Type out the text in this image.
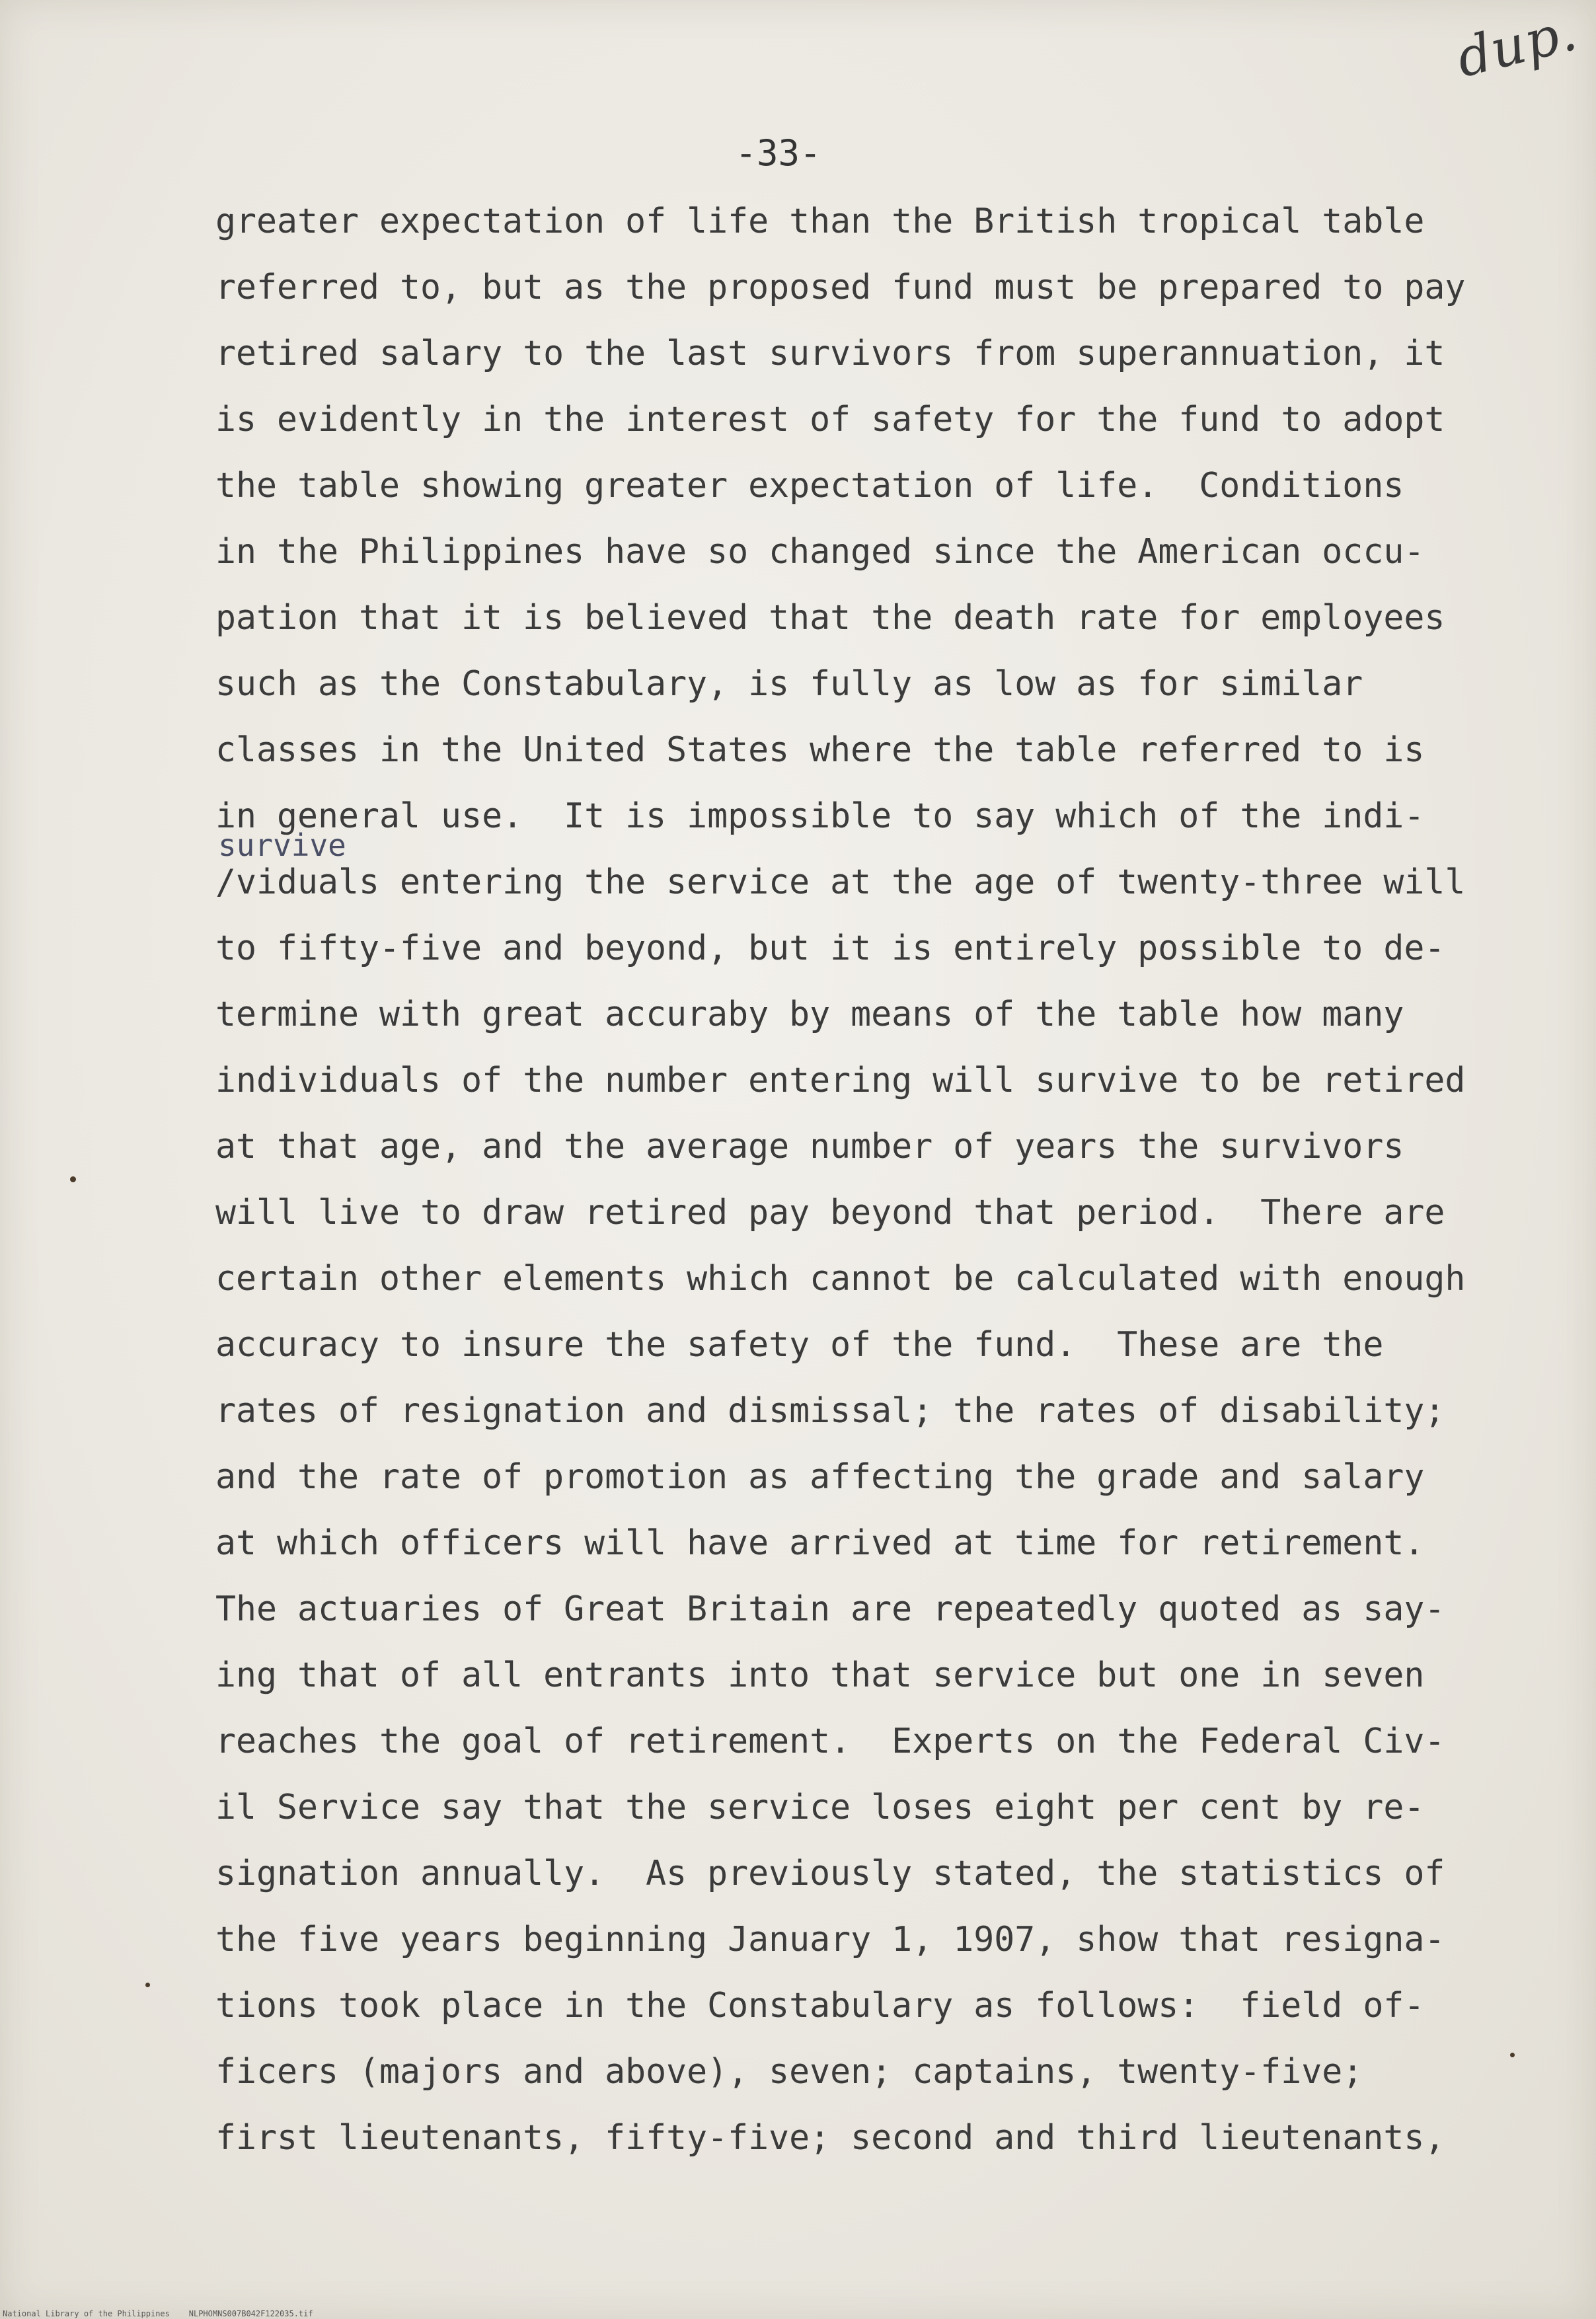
dup.
-33-
survive
greater expectation of life than the British tropical table
referred to, but as the proposed fund must be prepared to pay
retired salary to the last survivors from superannuation, it
is evidently in the interest of safety for the fund to adopt
the table showing greater expectation of life.  Conditions
in the Philippines have so changed since the American occu-
pation that it is believed that the death rate for employees
such as the Constabulary, is fully as low as for similar
classes in the United States where the table referred to is
in general use.  It is impossible to say which of the indi-
/viduals entering the service at the age of twenty-three will
to fifty-five and beyond, but it is entirely possible to de-
termine with great accuraby by means of the table how many
individuals of the number entering will survive to be retired
at that age, and the average number of years the survivors
will live to draw retired pay beyond that period.  There are
certain other elements which cannot be calculated with enough
accuracy to insure the safety of the fund.  These are the
rates of resignation and dismissal; the rates of disability;
and the rate of promotion as affecting the grade and salary
at which officers will have arrived at time for retirement.
The actuaries of Great Britain are repeatedly quoted as say-
ing that of all entrants into that service but one in seven
reaches the goal of retirement.  Experts on the Federal Civ-
il Service say that the service loses eight per cent by re-
signation annually.  As previously stated, the statistics of
the five years beginning January 1, 1907, show that resigna-
tions took place in the Constabulary as follows:  field of-
ficers (majors and above), seven; captains, twenty-five;
first lieutenants, fifty-five; second and third lieutenants,
National Library of the Philippines    NLPHOMNS007B042F122035.tif
